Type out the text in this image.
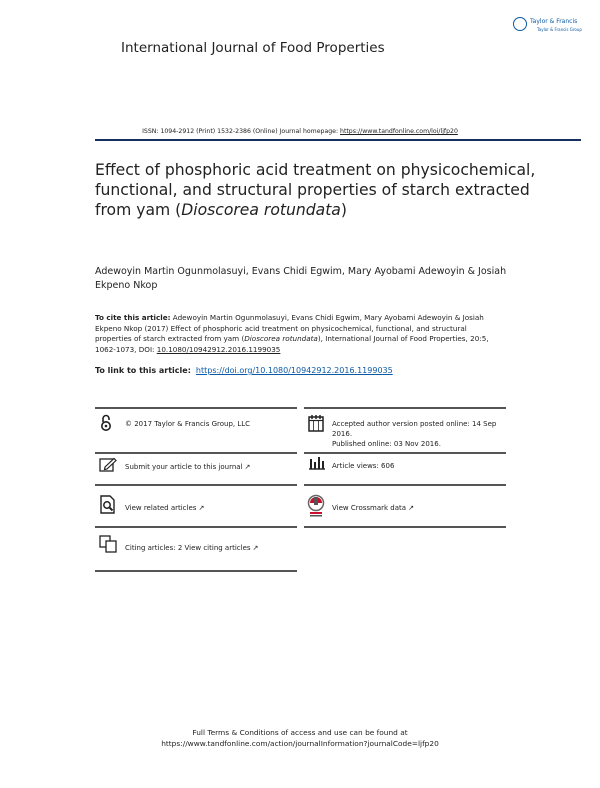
International Journal of Food Properties
Taylor & Francis
Taylor & Francis Group
ISSN: 1094-2912 (Print) 1532-2386 (Online) Journal homepage: https://www.tandfonline.com/loi/ljfp20
Effect of phosphoric acid treatment on physicochemical, functional, and structural properties of starch extracted from yam (Dioscorea rotundata)
Adewoyin Martin Ogunmolasuyi, Evans Chidi Egwim, Mary Ayobami Adewoyin & Josiah Ekpeno Nkop
To cite this article: Adewoyin Martin Ogunmolasuyi, Evans Chidi Egwim, Mary Ayobami Adewoyin & Josiah Ekpeno Nkop (2017) Effect of phosphoric acid treatment on physicochemical, functional, and structural properties of starch extracted from yam (Dioscorea rotundata), International Journal of Food Properties, 20:5, 1062-1073, DOI: 10.1080/10942912.2016.1199035
To link to this article: https://doi.org/10.1080/10942912.2016.1199035
© 2017 Taylor & Francis Group, LLC	Accepted author version posted online: 14 Sep 2016.
Published online: 03 Nov 2016.
Submit your article to this journal ↗	Article views: 606
View related articles ↗	View Crossmark data ↗
Citing articles: 2 View citing articles ↗
Full Terms & Conditions of access and use can be found at
https://www.tandfonline.com/action/journalInformation?journalCode=ljfp20
